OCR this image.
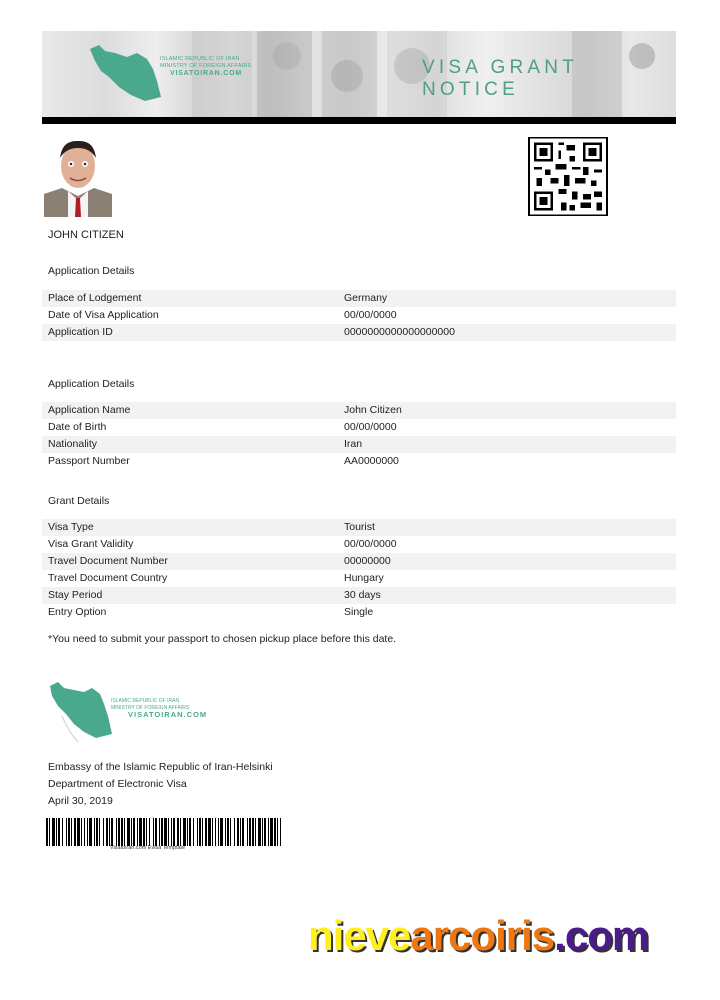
ISLAMIC REPUBLIC OF IRAN
MINISTRY OF FOREIGN AFFAIRS
VISATOIRAN.COM	VISA GRANT NOTICE
JOHN CITIZEN
Application Details
Place of Lodgement	Germany
Date of Visa Application	00/00/0000
Application ID	0000000000000000000
Application Details
Application Name	John Citizen
Date of Birth	00/00/0000
Nationality	Iran
Passport Number	AA0000000
Grant Details
Visa Type	Tourist
Visa Grant Validity	00/00/0000
Travel Document Number	00000000
Travel Document Country	Hungary
Stay Period	30 days
Entry Option	Single
*You need to submit your passport to chosen pickup place before this date.
ISLAMIC REPUBLIC OF IRAN
MINISTRY OF FOREIGN AFFAIRS
VISATOIRAN.COM
Embassy of the Islamic Republic of Iran-Helsinki
Department of Electronic Visa
April 30, 2019
Visatoiran.com Evisa Template
nievearcoiris.com
